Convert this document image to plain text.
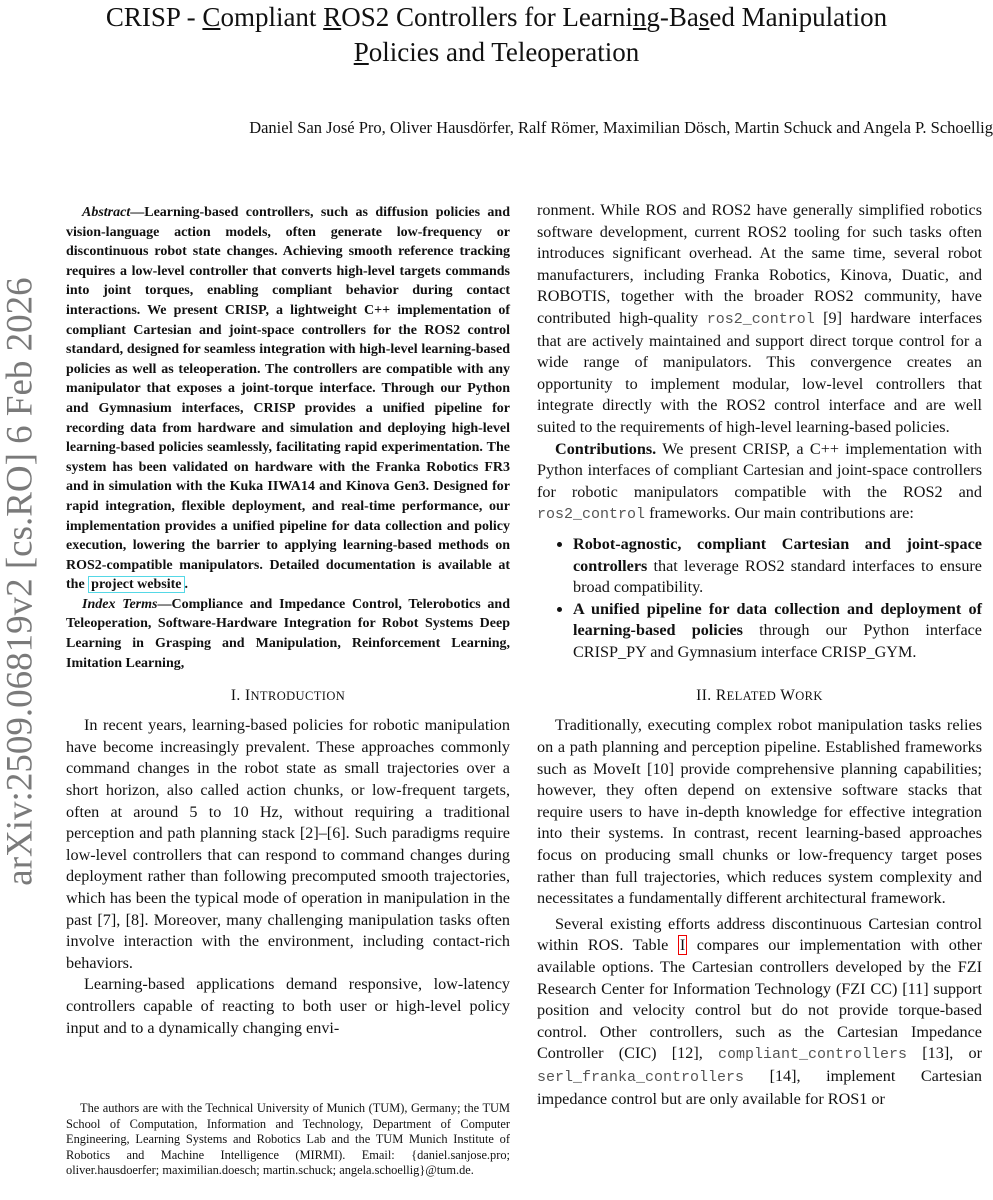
CRISP - Compliant ROS2 Controllers for Learning-Based Manipulation
Policies and Teleoperation
Daniel San José Pro, Oliver Hausdörfer, Ralf Römer, Maximilian Dösch, Martin Schuck and Angela P. Schoellig
arXiv:2509.06819v2 [cs.RO] 6 Feb 2026

Abstract—Learning-based controllers, such as diffusion policies and vision-language action models, often generate low-frequency or discontinuous robot state changes. Achieving smooth reference tracking requires a low-level controller that converts high-level targets commands into joint torques, enabling compliant behavior during contact interactions. We present CRISP, a lightweight C++ implementation of compliant Cartesian and joint-space controllers for the ROS2 control standard, designed for seamless integration with high-level learning-based policies as well as teleoperation. The controllers are compatible with any manipulator that exposes a joint-torque interface. Through our Python and Gymnasium interfaces, CRISP provides a unified pipeline for recording data from hardware and simulation and deploying high-level learning-based policies seamlessly, facilitating rapid experimentation. The system has been validated on hardware with the Franka Robotics FR3 and in simulation with the Kuka IIWA14 and Kinova Gen3. Designed for rapid integration, flexible deployment, and real-time performance, our implementation provides a unified pipeline for data collection and policy execution, lowering the barrier to applying learning-based methods on ROS2-compatible manipulators. Detailed documentation is available at the project website .

Index Terms—Compliance and Impedance Control, Telerobotics and Teleoperation, Software-Hardware Integration for Robot Systems Deep Learning in Grasping and Manipulation, Reinforcement Learning, Imitation Learning,

I. INTRODUCTION

In recent years, learning-based policies for robotic manipulation have become increasingly prevalent. These approaches commonly command changes in the robot state as small trajectories over a short horizon, also called action chunks, or low-frequent targets, often at around 5 to 10 Hz, without requiring a traditional perception and path planning stack [2]–[6]. Such paradigms require low-level controllers that can respond to command changes during deployment rather than following precomputed smooth trajectories, which has been the typical mode of operation in manipulation in the past [7], [8]. Moreover, many challenging manipulation tasks often involve interaction with the environment, including contact-rich behaviors.

Learning-based applications demand responsive, low-latency controllers capable of reacting to both user or high-level policy input and to a dynamically changing envi-

The authors are with the Technical University of Munich (TUM), Germany; the TUM School of Computation, Information and Technology, Department of Computer Engineering, Learning Systems and Robotics Lab and the TUM Munich Institute of Robotics and Machine Intelligence (MIRMI). Email: {daniel.sanjose.pro; oliver.hausdoerfer; maximilian.doesch; martin.schuck; angela.schoellig}@tum.de.

ronment. While ROS and ROS2 have generally simplified robotics software development, current ROS2 tooling for such tasks often introduces significant overhead. At the same time, several robot manufacturers, including Franka Robotics, Kinova, Duatic, and ROBOTIS, together with the broader ROS2 community, have contributed high-quality ros2_control [9] hardware interfaces that are actively maintained and support direct torque control for a wide range of manipulators. This convergence creates an opportunity to implement modular, low-level controllers that integrate directly with the ROS2 control interface and are well suited to the requirements of high-level learning-based policies.

Contributions. We present CRISP, a C++ implementation with Python interfaces of compliant Cartesian and joint-space controllers for robotic manipulators compatible with the ROS2 and ros2_control frameworks. Our main contributions are:

• Robot-agnostic, compliant Cartesian and joint-space controllers that leverage ROS2 standard interfaces to ensure broad compatibility.
• A unified pipeline for data collection and deployment of learning-based policies through our Python interface CRISP_PY and Gymnasium interface CRISP_GYM.
II. RELATED WORK

Traditionally, executing complex robot manipulation tasks relies on a path planning and perception pipeline. Established frameworks such as MoveIt [10] provide comprehensive planning capabilities; however, they often depend on extensive software stacks that require users to have in-depth knowledge for effective integration into their systems. In contrast, recent learning-based approaches focus on producing small chunks or low-frequency target poses rather than full trajectories, which reduces system complexity and necessitates a fundamentally different architectural framework.

Several existing efforts address discontinuous Cartesian control within ROS. Table I compares our implementation with other available options. The Cartesian controllers developed by the FZI Research Center for Information Technology (FZI CC) [11] support position and velocity control but do not provide torque-based control. Other controllers, such as the Cartesian Impedance Controller (CIC) [12], compliant_controllers [13], or serl_franka_controllers [14], implement Cartesian impedance control but are only available for ROS1 or
